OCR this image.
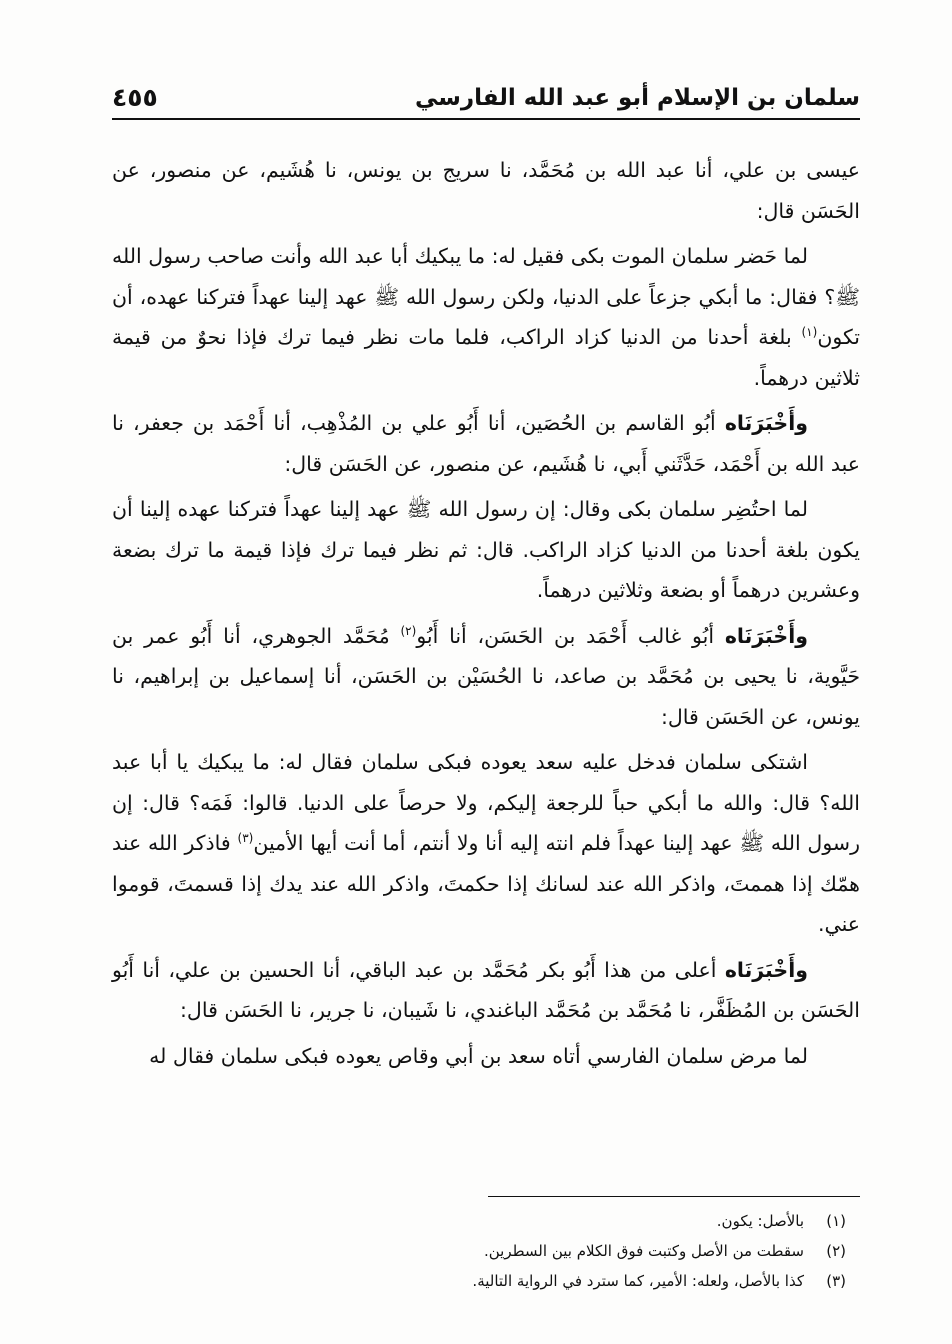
سلمان بن الإسلام أبو عبد الله الفارسي
٤٥٥

عيسى بن علي، أنا عبد الله بن مُحَمَّد، نا سريج بن يونس، نا هُشَيم، عن منصور، عن الحَسَن قال:

لما حَضر سلمان الموت بكى فقيل له: ما يبكيك أبا عبد الله وأنت صاحب رسول الله ﷺ؟ فقال: ما أبكي جزعاً على الدنيا، ولكن رسول الله ﷺ عهد إلينا عهداً فتركنا عهده، أن تكون$^{(١)}$ بلغة أحدنا من الدنيا كزاد الراكب، فلما مات نظر فيما ترك فإذا نحوٌ من قيمة ثلاثين درهماً.

وأَخْبَرَنَاه أبُو القاسم بن الحُصَين، أنا أَبُو علي بن المُذْهِب، أنا أَحْمَد بن جعفر، نا عبد الله بن أَحْمَد، حَدَّثَني أَبي، نا هُشَيم، عن منصور، عن الحَسَن قال:

لما احتُضِر سلمان بكى وقال: إن رسول الله ﷺ عهد إلينا عهداً فتركنا عهده إلينا أن يكون بلغة أحدنا من الدنيا كزاد الراكب. قال: ثم نظر فيما ترك فإذا قيمة ما ترك بضعة وعشرين درهماً أو بضعة وثلاثين درهماً.

وأَخْبَرَنَاه أبُو غالب أَحْمَد بن الحَسَن، أنا أَبُو$^{(٢)}$ مُحَمَّد الجوهري، أنا أَبُو عمر بن حَيَّوية، نا يحيى بن مُحَمَّد بن صاعد، نا الحُسَيْن بن الحَسَن، أنا إسماعيل بن إبراهيم، نا يونس، عن الحَسَن قال:

اشتكى سلمان فدخل عليه سعد يعوده فبكى سلمان فقال له: ما يبكيك يا أبا عبد الله؟ قال: والله ما أبكي حباً للرجعة إليكم، ولا حرصاً على الدنيا. قالوا: فَمَه؟ قال: إن رسول الله ﷺ عهد إلينا عهداً فلم انته إليه أنا ولا أنتم، أما أنت أيها الأمين$^{(٣)}$ فاذكر الله عند همّك إذا هممتَ، واذكر الله عند لسانك إذا حكمتَ، واذكر الله عند يدك إذا قسمتَ، قوموا عني.

وأَخْبَرَنَاه أعلى من هذا أَبُو بكر مُحَمَّد بن عبد الباقي، أنا الحسين بن علي، أنا أَبُو الحَسَن بن المُظَفَّر، نا مُحَمَّد بن مُحَمَّد الباغندي، نا شَيبان، نا جرير، نا الحَسَن قال:

لما مرض سلمان الفارسي أتاه سعد بن أبي وقاص يعوده فبكى سلمان فقال له

(١)
بالأصل: يكون.
(٢)
سقطت من الأصل وكتبت فوق الكلام بين السطرين.
(٣)
كذا بالأصل، ولعله: الأمير، كما سترد في الرواية التالية.
